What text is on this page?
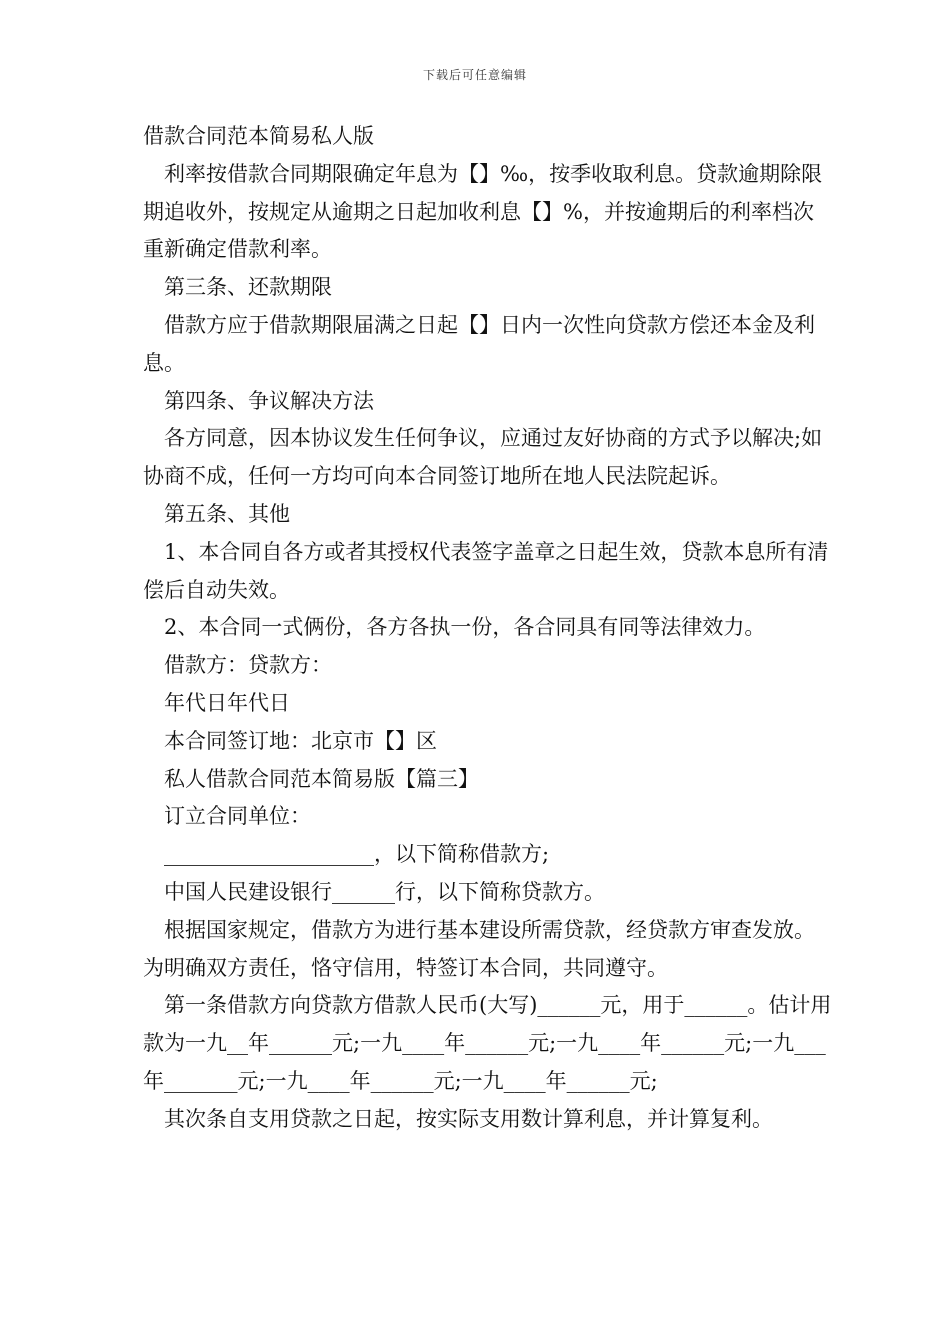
下载后可任意编辑

借款合同范本简易私人版

利率按借款合同期限确定年息为【】‰，按季收取利息。贷款逾期除限期追收外，按规定从逾期之日起加收利息【】%，并按逾期后的利率档次重新确定借款利率。

第三条、还款期限

借款方应于借款期限届满之日起【】日内一次性向贷款方偿还本金及利息。

第四条、争议解决方法

各方同意，因本协议发生任何争议，应通过友好协商的方式予以解决;如协商不成，任何一方均可向本合同签订地所在地人民法院起诉。

第五条、其他

1、本合同自各方或者其授权代表签字盖章之日起生效，贷款本息所有清偿后自动失效。

2、本合同一式俩份，各方各执一份，各合同具有同等法律效力。

借款方：贷款方：

年代日年代日

本合同签订地：北京市【】区

私人借款合同范本简易版【篇三】

订立合同单位：

____________________，以下简称借款方;

中国人民建设银行______行，以下简称贷款方。

根据国家规定，借款方为进行基本建设所需贷款，经贷款方审查发放。为明确双方责任，恪守信用，特签订本合同，共同遵守。

第一条借款方向贷款方借款人民币(大写)______元，用于______。估计用款为一九__年______元;一九____年______元;一九____年______元;一九___年_______元;一九____年______元;一九____年______元;

其次条自支用贷款之日起，按实际支用数计算利息，并计算复利。
